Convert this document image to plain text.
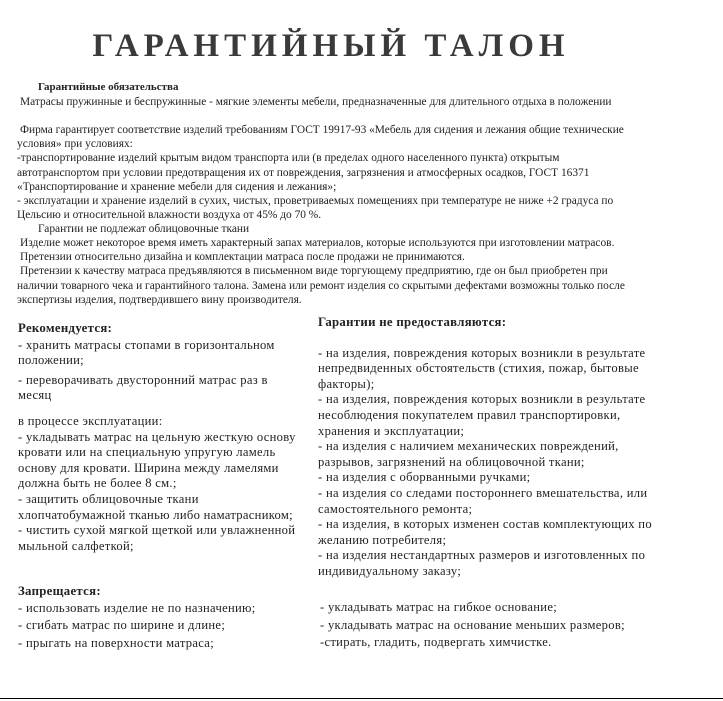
ГАРАНТИЙНЫЙ ТАЛОН
Гарантийные обязательства
Матрасы пружинные и беспружинные - мягкие элементы мебели, предназначенные для длительного отдыха в положении
Фирма гарантирует соответствие изделий требованиям ГОСТ 19917-93 «Мебель для сидения и лежания общие технические
условия» при условиях:
-транспортирование изделий крытым видом транспорта или (в пределах одного населенного пункта) открытым
автотранспортом при условии предотвращения их от повреждения, загрязнения и атмосферных осадков, ГОСТ 16371
«Транспортирование и хранение мебели для сидения и лежания»;
- эксплуатации и хранение изделий в сухих, чистых, проветриваемых помещениях при температуре не ниже +2 градуса по
Цельсию и относительной влажности воздуха от 45% до 70 %.
Гарантии не подлежат облицовочные ткани
Изделие может некоторое время иметь характерный запах материалов, которые используются при изготовлении матрасов.
Претензии относительно дизайна и комплектации матраса после продажи не принимаются.
Претензии к качеству матраса предъявляются в письменном виде торгующему предприятию, где он был приобретен при
наличии товарного чека и гарантийного талона. Замена или ремонт изделия со скрытыми дефектами возможны только после
экспертизы изделия, подтвердившего вину производителя.

Рекомендуется:

- хранить матрасы стопами в горизонтальном положении;

- переворачивать двусторонний матрас раз в месяц

в процессе эксплуатации:

- укладывать матрас на цельную жесткую основу кровати или на специальную упругую ламель основу для кровати. Ширина между ламелями должна быть не более 8 см.;

- защитить облицовочные ткани хлопчатобумажной тканью либо наматрасником;

- чистить сухой мягкой щеткой или увлажненной мыльной салфеткой;

Гарантии не предоставляются:

- на изделия, повреждения которых возникли в результате непредвиденных обстоятельств (стихия, пожар, бытовые факторы);

- на изделия, повреждения которых возникли в результате несоблюдения покупателем правил транспортировки, хранения и эксплуатации;

- на изделия с наличием механических повреждений, разрывов, загрязнений на облицовочной ткани;

- на изделия с оборванными ручками;

- на изделия со следами постороннего вмешательства, или самостоятельного ремонта;

- на изделия, в которых изменен состав комплектующих по желанию потребителя;

- на изделия нестандартных размеров и изготовленных по индивидуальному заказу;

Запрещается:

- использовать изделие не по назначению;

- сгибать матрас по ширине и длине;

- прыгать на поверхности матраса;

- укладывать матрас на гибкое основание;

- укладывать матрас на основание меньших размеров;

-стирать, гладить, подвергать химчистке.
